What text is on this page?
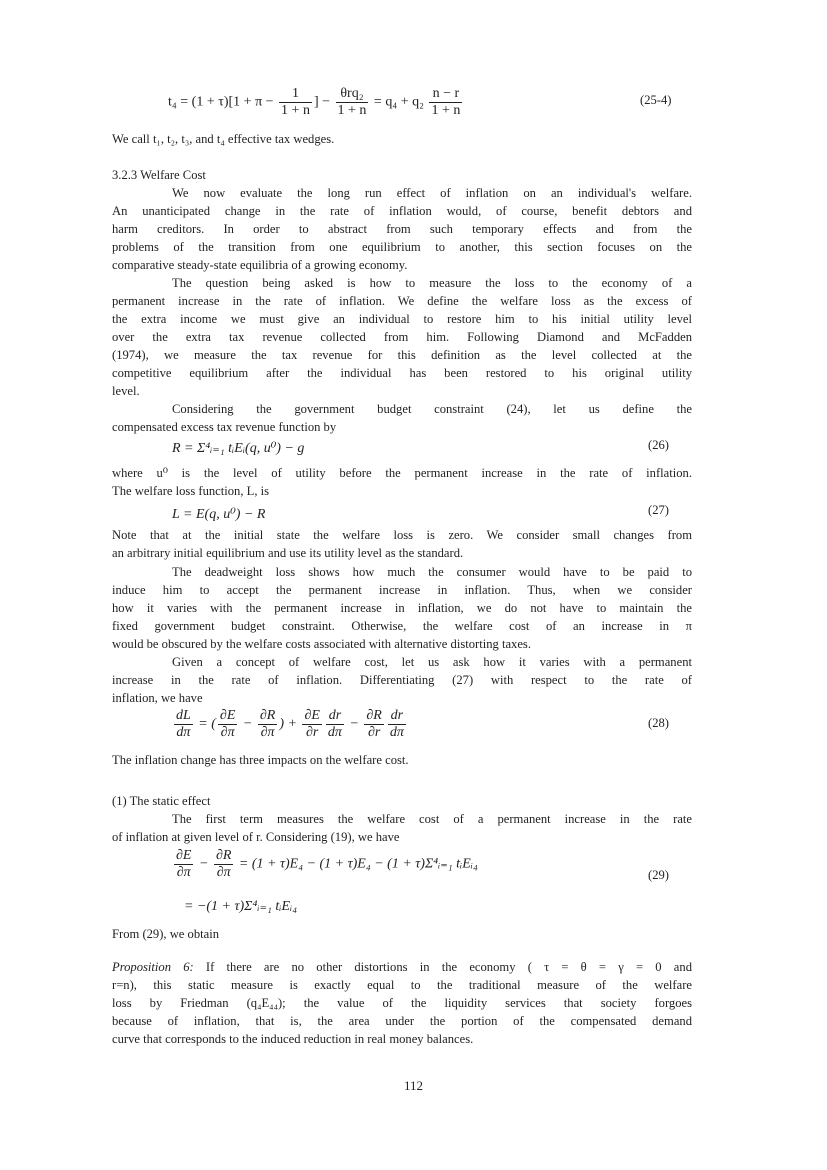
$t_4 = (1 + \tau)[1 + \pi - \frac{1}{1 + n}$ ] − $\frac{\text{θrq₂}}{1 + n} = q_4 + q_2 \frac{n - r}{1 + n}$	(25-4)
We call t₁, t₂, t₃, and t₄ effective tax wedges.
3.2.3 Welfare Cost
We now evaluate the long run effect of inflation on an individual's welfare.
An unanticipated change in the rate of inflation would, of course, benefit debtors and
harm creditors. In order to abstract from such temporary effects and from the
problems of the transition from one equilibrium to another, this section focuses on the
comparative steady-state equilibria of a growing economy.
The question being asked is how to measure the loss to the economy of a
permanent increase in the rate of inflation. We define the welfare loss as the excess of
the extra income we must give an individual to restore him to his initial utility level
over the extra tax revenue collected from him. Following Diamond and McFadden
(1974), we measure the tax revenue for this definition as the level collected at the
competitive equilibrium after the individual has been restored to his original utility
level.
Considering the government budget constraint (24), let us define the
compensated excess tax revenue function by
R = Σ⁴ᵢ₌₁ tᵢEᵢ(q, u⁰) − g	(26)
where u⁰ is the level of utility before the permanent increase in the rate of inflation.
The welfare loss function, L, is
L = E(q, u⁰) − R	(27)
Note that at the initial state the welfare loss is zero. We consider small changes from
an arbitrary initial equilibrium and use its utility level as the standard.
The deadweight loss shows how much the consumer would have to be paid to
induce him to accept the permanent increase in inflation. Thus, when we consider
how it varies with the permanent increase in inflation, we do not have to maintain the
fixed government budget constraint. Otherwise, the welfare cost of an increase in π
would be obscured by the welfare costs associated with alternative distorting taxes.
Given a concept of welfare cost, let us ask how it varies with a permanent
increase in the rate of inflation. Differentiating (27) with respect to the rate of
inflation, we have
$\frac{dL}{d\pi}$ = ( $\frac{\partial E}{\partial\pi} - \frac{\partial R}{\partial\pi}$ ) + $\frac{\partial E}{\partial r} \frac{dr}{d\pi} - \frac{\partial R}{\partial r} \frac{dr}{d\pi}$	(28)
The inflation change has three impacts on the welfare cost.
(1) The static effect
The first term measures the welfare cost of a permanent increase in the rate
of inflation at given level of r. Considering (19), we have
$\frac{\partial E}{\partial\pi} - \frac{\partial R}{\partial\pi} = (1 + \tau)E_4 - (1 + \tau)E_4 - (1$ + τ)Σ⁴ᵢ₌₁ tᵢEᵢ₄
= −(1 + τ)Σ⁴ᵢ₌₁ tᵢEᵢ₄
(29)
From (29), we obtain
Proposition 6: If there are no other distortions in the economy ( τ = θ = γ = 0 and
r=n), this static measure is exactly equal to the traditional measure of the welfare
loss by Friedman (q₄E₄₄); the value of the liquidity services that society forgoes
because of inflation, that is, the area under the portion of the compensated demand
curve that corresponds to the induced reduction in real money balances.
112
